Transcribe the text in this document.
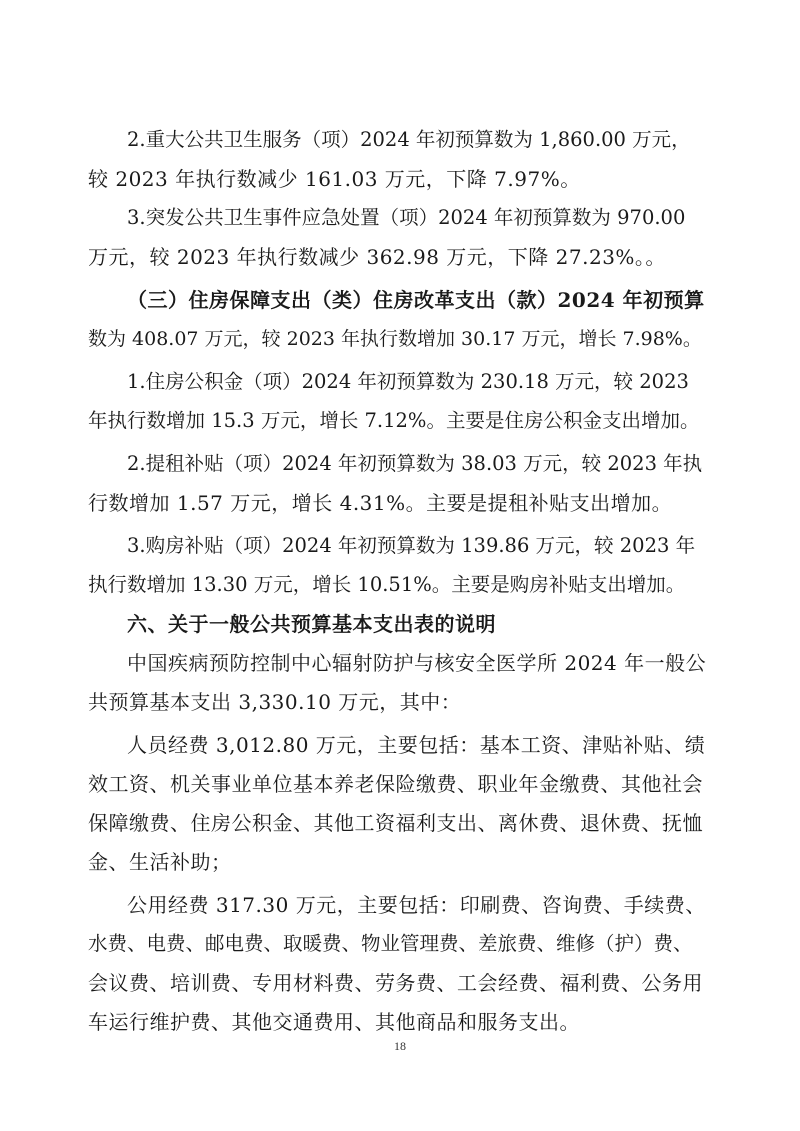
2.重大公共卫生服务（项）2024 年初预算数为 1,860.00 万元，
较 2023 年执行数减少 161.03 万元，下降 7.97%。
3.突发公共卫生事件应急处置（项）2024 年初预算数为 970.00
万元，较 2023 年执行数减少 362.98 万元，下降 27.23%。。
（三）住房保障支出（类）住房改革支出（款）2024 年初预算
数为 408.07 万元，较 2023 年执行数增加 30.17 万元，增长 7.98%。
1.住房公积金（项）2024 年初预算数为 230.18 万元，较 2023
年执行数增加 15.3 万元，增长 7.12%。主要是住房公积金支出增加。
2.提租补贴（项）2024 年初预算数为 38.03 万元，较 2023 年执
行数增加 1.57 万元，增长 4.31%。主要是提租补贴支出增加。
3.购房补贴（项）2024 年初预算数为 139.86 万元，较 2023 年
执行数增加 13.30 万元，增长 10.51%。主要是购房补贴支出增加。
六、关于一般公共预算基本支出表的说明
中国疾病预防控制中心辐射防护与核安全医学所 2024 年一般公
共预算基本支出 3,330.10 万元，其中：
人员经费 3,012.80 万元，主要包括：基本工资、津贴补贴、绩
效工资、机关事业单位基本养老保险缴费、职业年金缴费、其他社会
保障缴费、住房公积金、其他工资福利支出、离休费、退休费、抚恤
金、生活补助；
公用经费 317.30 万元，主要包括：印刷费、咨询费、手续费、
水费、电费、邮电费、取暖费、物业管理费、差旅费、维修（护）费、
会议费、培训费、专用材料费、劳务费、工会经费、福利费、公务用
车运行维护费、其他交通费用、其他商品和服务支出。
18
